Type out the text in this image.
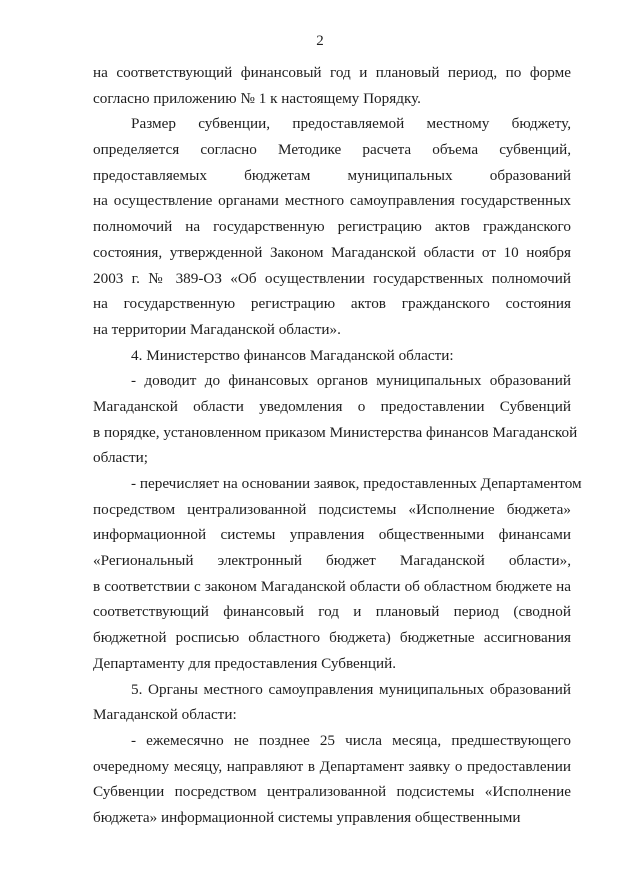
2
на соответствующий финансовый год и плановый период, по форме
согласно приложению № 1 к настоящему Порядку.
Размер субвенции, предоставляемой местному бюджету,
определяется согласно Методике расчета объема субвенций,
предоставляемых бюджетам муниципальных образований
на осуществление органами местного самоуправления государственных
полномочий на государственную регистрацию актов гражданского
состояния, утвержденной Законом Магаданской области от 10 ноября
2003 г. № 389-ОЗ «Об осуществлении государственных полномочий
на государственную регистрацию актов гражданского состояния
на территории Магаданской области».
4. Министерство финансов Магаданской области:
- доводит до финансовых органов муниципальных образований
Магаданской области уведомления о предоставлении Субвенций
в порядке, установленном приказом Министерства финансов Магаданской
области;
- перечисляет на основании заявок, предоставленных Департаментом
посредством централизованной подсистемы «Исполнение бюджета»
информационной системы управления общественными финансами
«Региональный электронный бюджет Магаданской области»,
в соответствии с законом Магаданской области об областном бюджете на
соответствующий финансовый год и плановый период (сводной
бюджетной росписью областного бюджета) бюджетные ассигнования
Департаменту для предоставления Субвенций.
5. Органы местного самоуправления муниципальных образований
Магаданской области:
- ежемесячно не позднее 25 числа месяца, предшествующего
очередному месяцу, направляют в Департамент заявку о предоставлении
Субвенции посредством централизованной подсистемы «Исполнение
бюджета» информационной системы управления общественными
